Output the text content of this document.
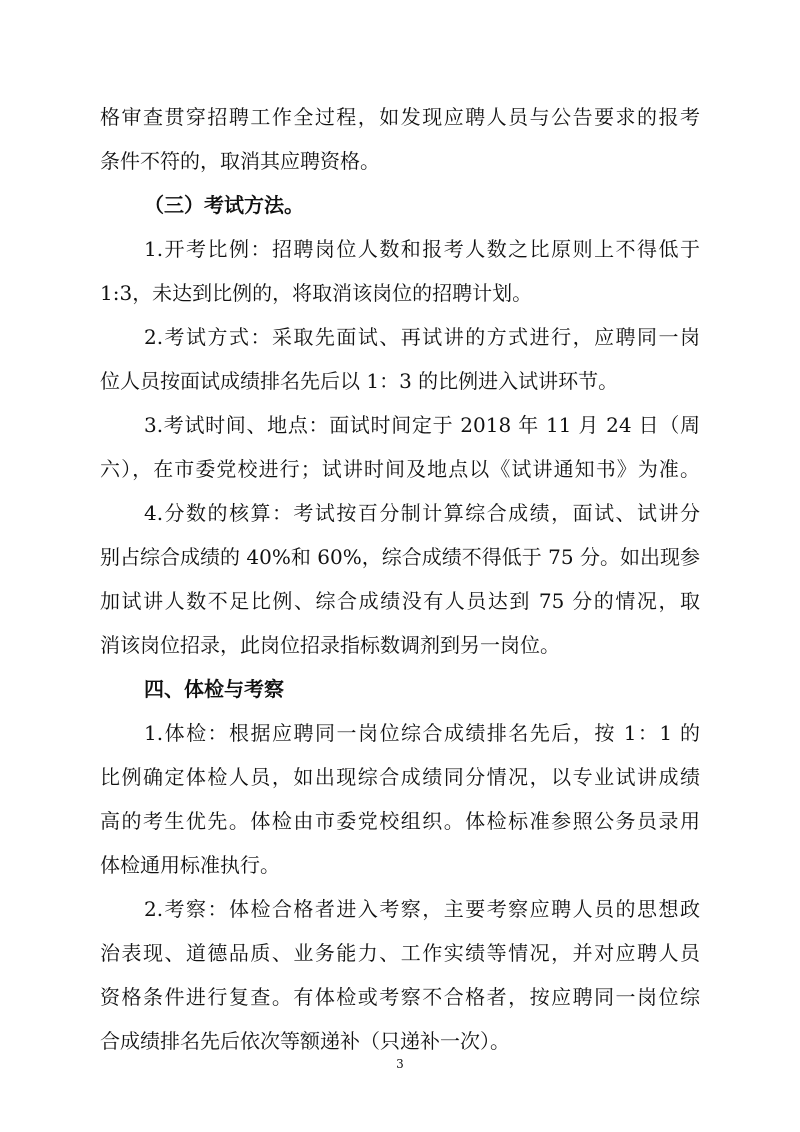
格审查贯穿招聘工作全过程，如发现应聘人员与公告要求的报考
条件不符的，取消其应聘资格。
（三）考试方法。
1.开考比例：招聘岗位人数和报考人数之比原则上不得低于
1:3，未达到比例的，将取消该岗位的招聘计划。
2.考试方式：采取先面试、再试讲的方式进行，应聘同一岗
位人员按面试成绩排名先后以 1：3 的比例进入试讲环节。
3.考试时间、地点：面试时间定于 2018 年 11 月 24 日（周
六），在市委党校进行；试讲时间及地点以《试讲通知书》为准。
4.分数的核算：考试按百分制计算综合成绩，面试、试讲分
别占综合成绩的 40%和 60%，综合成绩不得低于 75 分。如出现参
加试讲人数不足比例、综合成绩没有人员达到 75 分的情况，取
消该岗位招录，此岗位招录指标数调剂到另一岗位。
四、体检与考察
1.体检：根据应聘同一岗位综合成绩排名先后，按 1：1 的
比例确定体检人员，如出现综合成绩同分情况，以专业试讲成绩
高的考生优先。体检由市委党校组织。体检标准参照公务员录用
体检通用标准执行。
2.考察：体检合格者进入考察，主要考察应聘人员的思想政
治表现、道德品质、业务能力、工作实绩等情况，并对应聘人员
资格条件进行复查。有体检或考察不合格者，按应聘同一岗位综
合成绩排名先后依次等额递补（只递补一次）。
3
